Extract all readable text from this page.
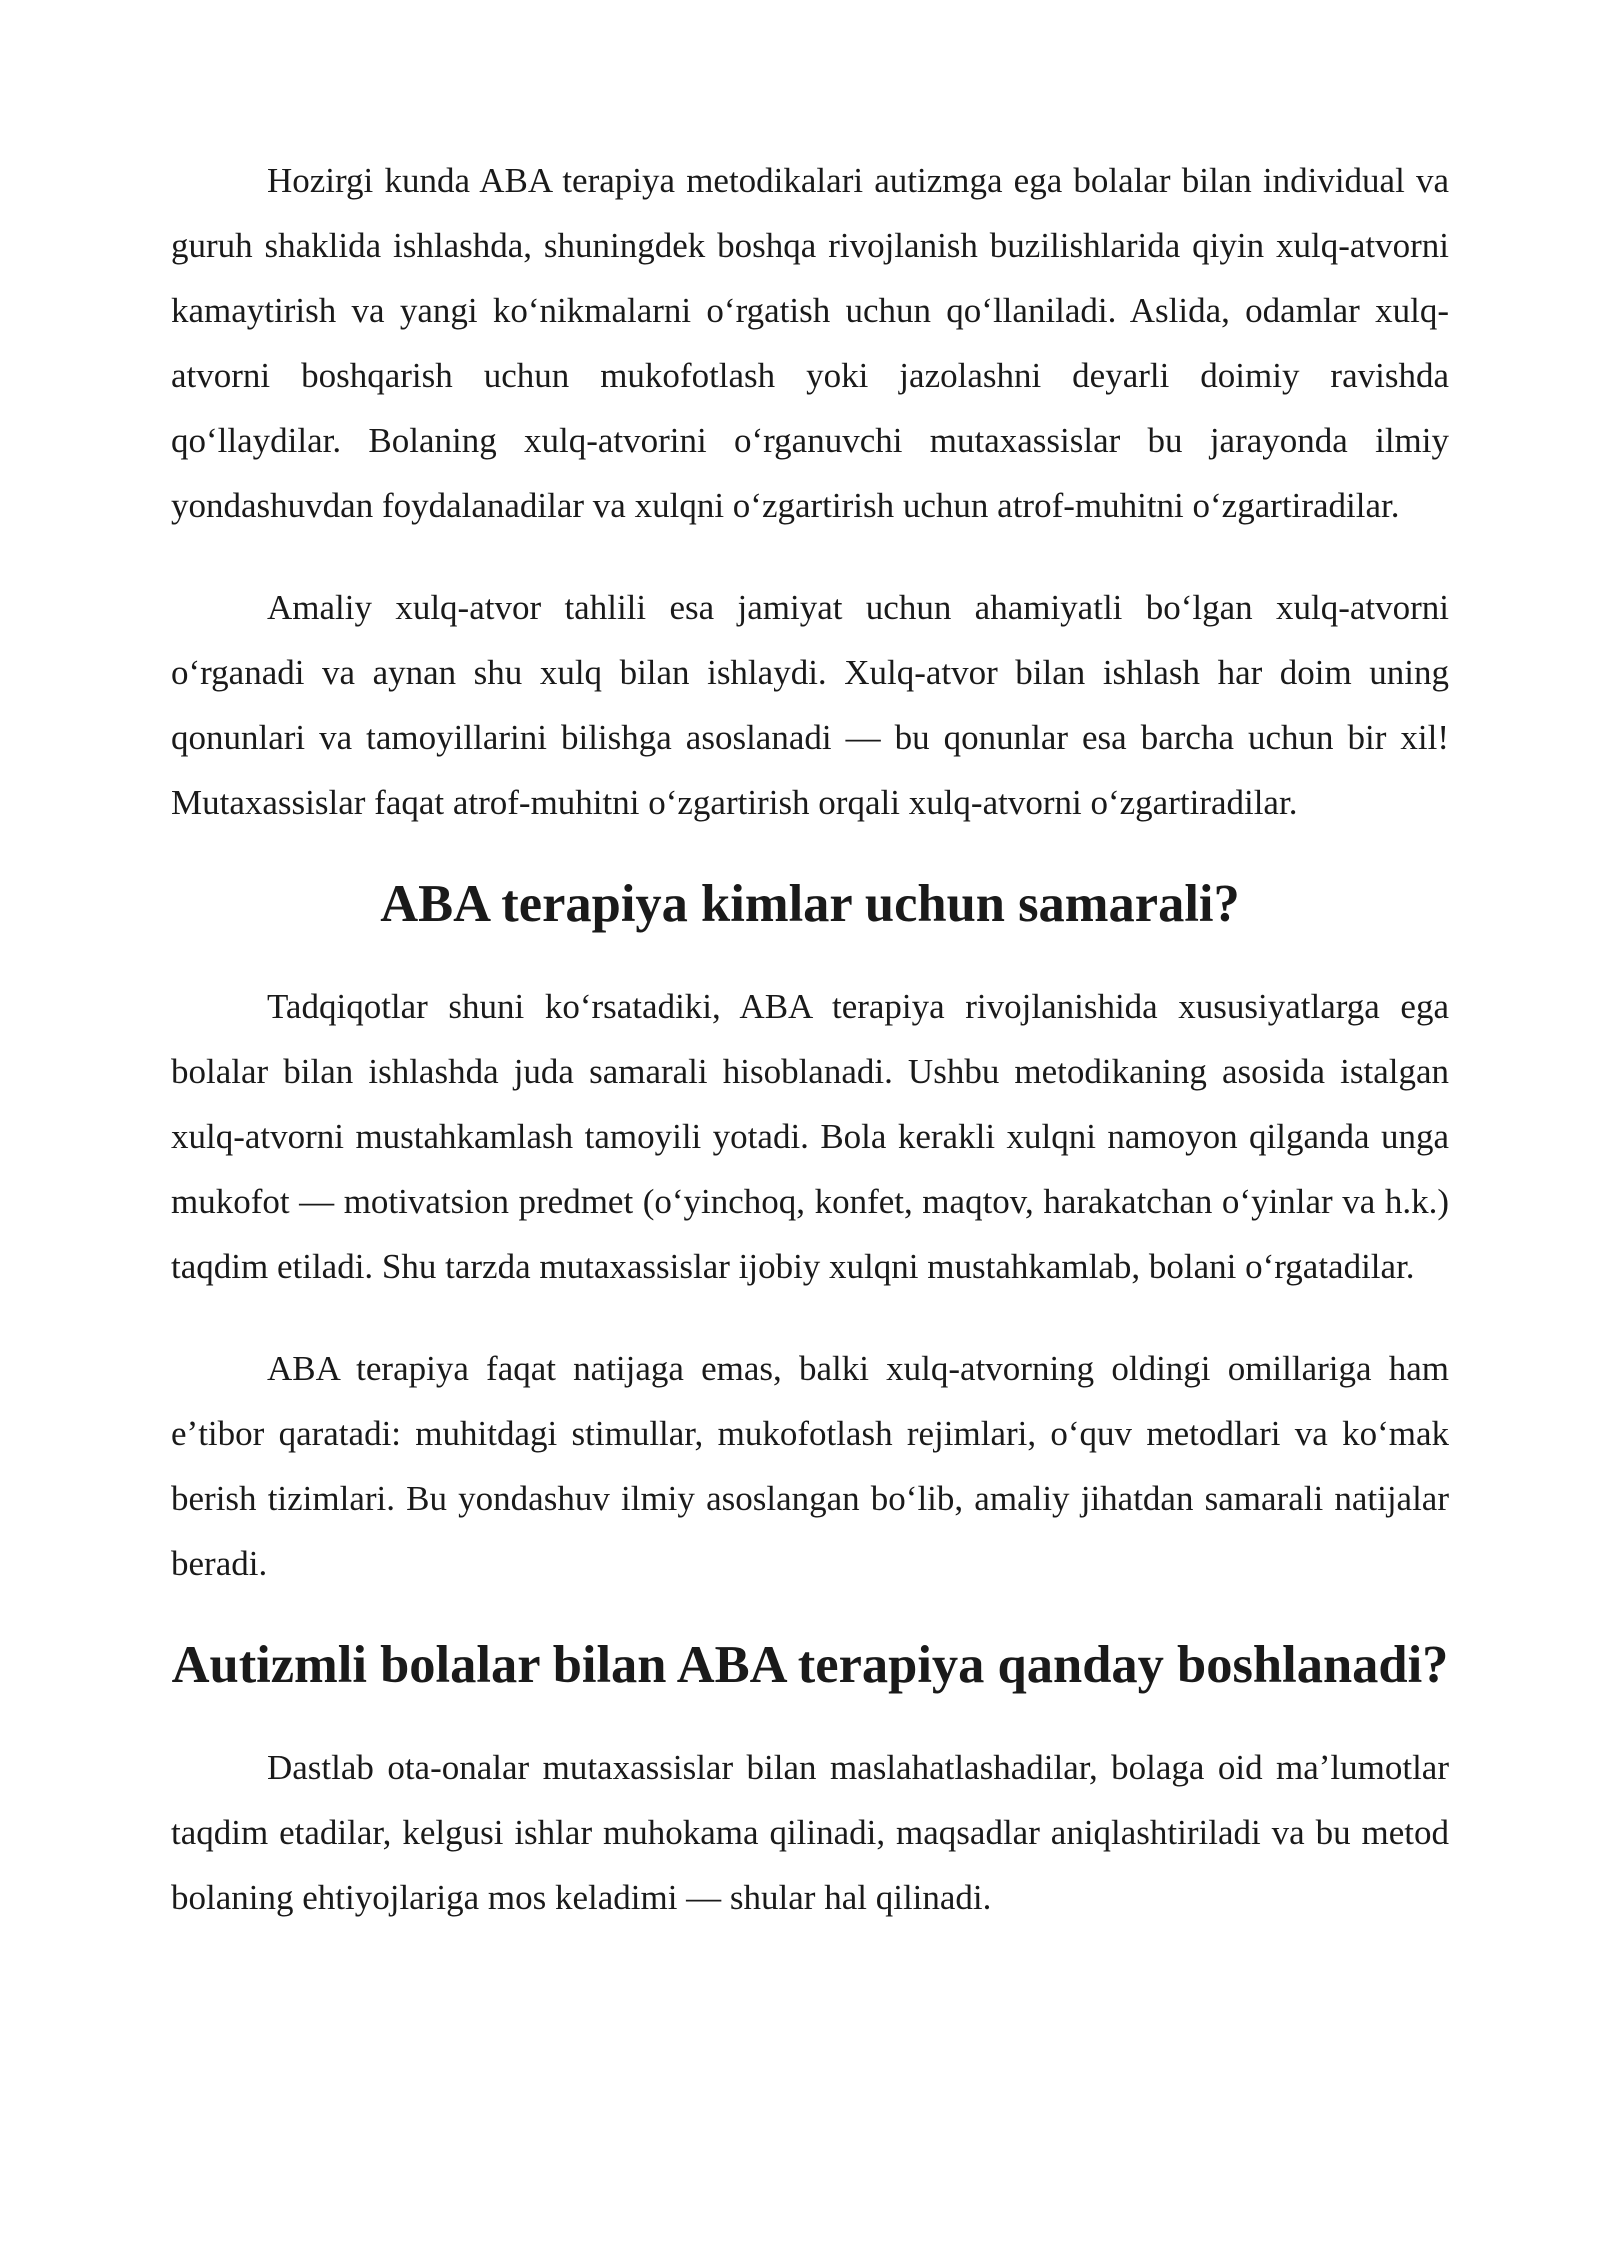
Hozirgi kunda ABA terapiya metodikalari autizmga ega bolalar bilan individual va guruh shaklida ishlashda, shuningdek boshqa rivojlanish buzilishlarida qiyin xulq-atvorni kamaytirish va yangi koʻnikmalarni oʻrgatish uchun qoʻllaniladi. Aslida, odamlar xulq-atvorni boshqarish uchun mukofotlash yoki jazolashni deyarli doimiy ravishda qoʻllaydilar. Bolaning xulq-atvorini oʻrganuvchi mutaxassislar bu jarayonda ilmiy yondashuvdan foydalanadilar va xulqni oʻzgartirish uchun atrof-muhitni oʻzgartiradilar.

Amaliy xulq-atvor tahlili esa jamiyat uchun ahamiyatli boʻlgan xulq-atvorni oʻrganadi va aynan shu xulq bilan ishlaydi. Xulq-atvor bilan ishlash har doim uning qonunlari va tamoyillarini bilishga asoslanadi — bu qonunlar esa barcha uchun bir xil! Mutaxassislar faqat atrof-muhitni oʻzgartirish orqali xulq-atvorni oʻzgartiradilar.

ABA terapiya kimlar uchun samarali?

Tadqiqotlar shuni koʻrsatadiki, ABA terapiya rivojlanishida xususiyatlarga ega bolalar bilan ishlashda juda samarali hisoblanadi. Ushbu metodikaning asosida istalgan xulq-atvorni mustahkamlash tamoyili yotadi. Bola kerakli xulqni namoyon qilganda unga mukofot — motivatsion predmet (oʻyinchoq, konfet, maqtov, harakatchan oʻyinlar va h.k.) taqdim etiladi. Shu tarzda mutaxassislar ijobiy xulqni mustahkamlab, bolani oʻrgatadilar.

ABA terapiya faqat natijaga emas, balki xulq-atvorning oldingi omillariga ham eʼtibor qaratadi: muhitdagi stimullar, mukofotlash rejimlari, oʻquv metodlari va koʻmak berish tizimlari. Bu yondashuv ilmiy asoslangan boʻlib, amaliy jihatdan samarali natijalar beradi.

Autizmli bolalar bilan ABA terapiya qanday boshlanadi?

Dastlab ota-onalar mutaxassislar bilan maslahatlashadilar, bolaga oid maʼlumotlar taqdim etadilar, kelgusi ishlar muhokama qilinadi, maqsadlar aniqlashtiriladi va bu metod bolaning ehtiyojlariga mos keladimi — shular hal qilinadi.
